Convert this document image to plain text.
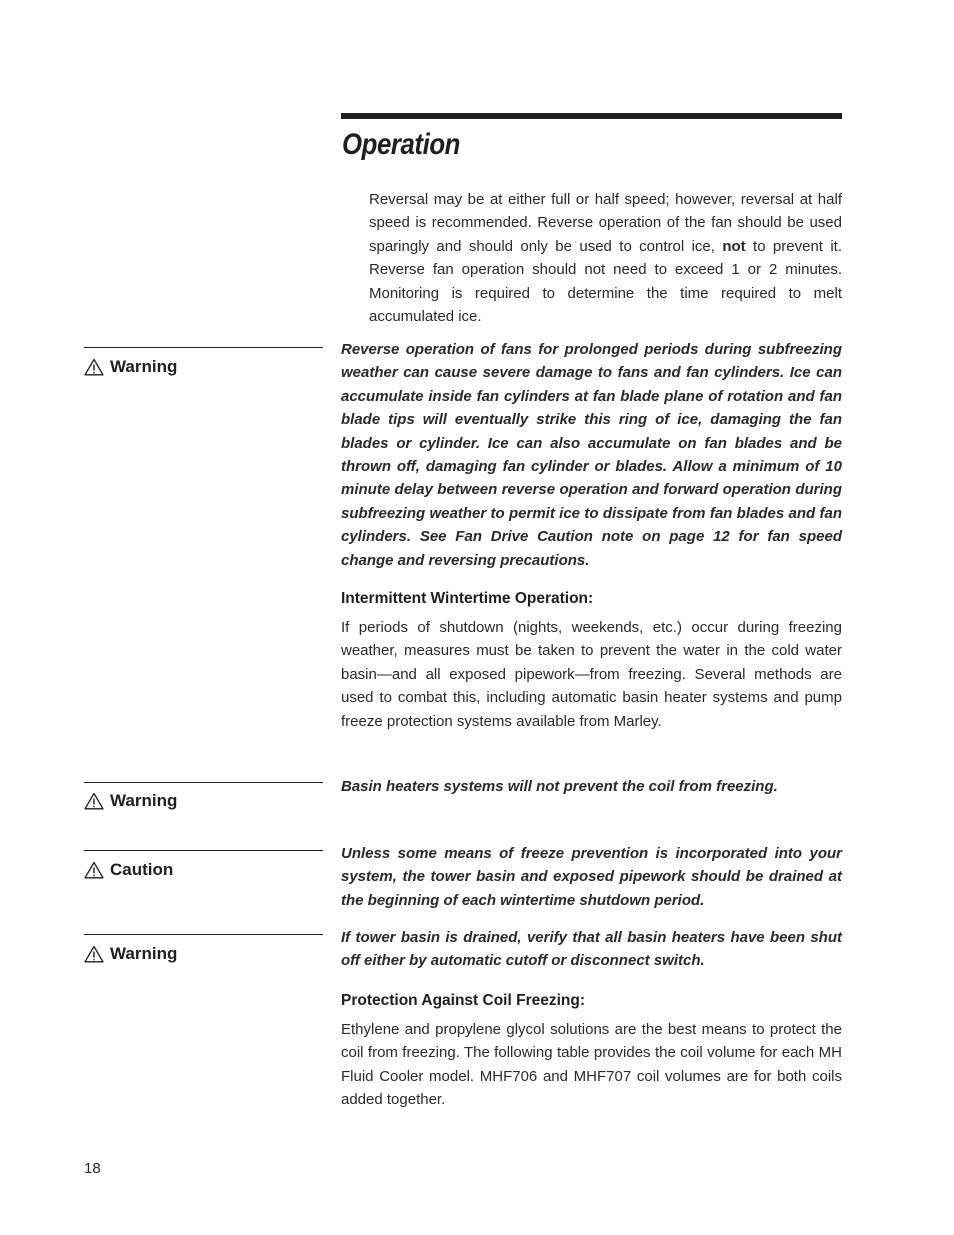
Operation

Reversal may be at either full or half speed; however, reversal at half speed is recommended. Reverse operation of the fan should be used sparingly and should only be used to control ice, not to prevent it. Reverse fan operation should not need to exceed 1 or 2 minutes. Monitoring is required to determine the time required to melt accumulated ice.

Warning

Reverse operation of fans for prolonged periods during subfreezing weather can cause severe damage to fans and fan cylinders. Ice can accumulate inside fan cylinders at fan blade plane of rotation and fan blade tips will eventually strike this ring of ice, damaging the fan blades or cylinder. Ice can also accumulate on fan blades and be thrown off, damaging fan cylinder or blades. Allow a minimum of 10 minute delay between reverse operation and forward operation during subfreezing weather to permit ice to dissipate from fan blades and fan cylinders. See Fan Drive Caution note on page 12 for fan speed change and reversing precautions.

Intermittent Wintertime Operation:

If periods of shutdown (nights, weekends, etc.) occur during freezing weather, measures must be taken to prevent the water in the cold water basin—and all exposed pipework—from freezing. Several methods are used to combat this, including automatic basin heater systems and pump freeze protection systems available from Marley.

Warning

Basin heaters systems will not prevent the coil from freezing.

Caution

Unless some means of freeze prevention is incorporated into your system, the tower basin and exposed pipework should be drained at the beginning of each wintertime shutdown period.

Warning

If tower basin is drained, verify that all basin heaters have been shut off either by automatic cutoff or disconnect switch.

Protection Against Coil Freezing:

Ethylene and propylene glycol solutions are the best means to protect the coil from freezing. The following table provides the coil volume for each MH Fluid Cooler model. MHF706 and MHF707 coil volumes are for both coils added together.

18
